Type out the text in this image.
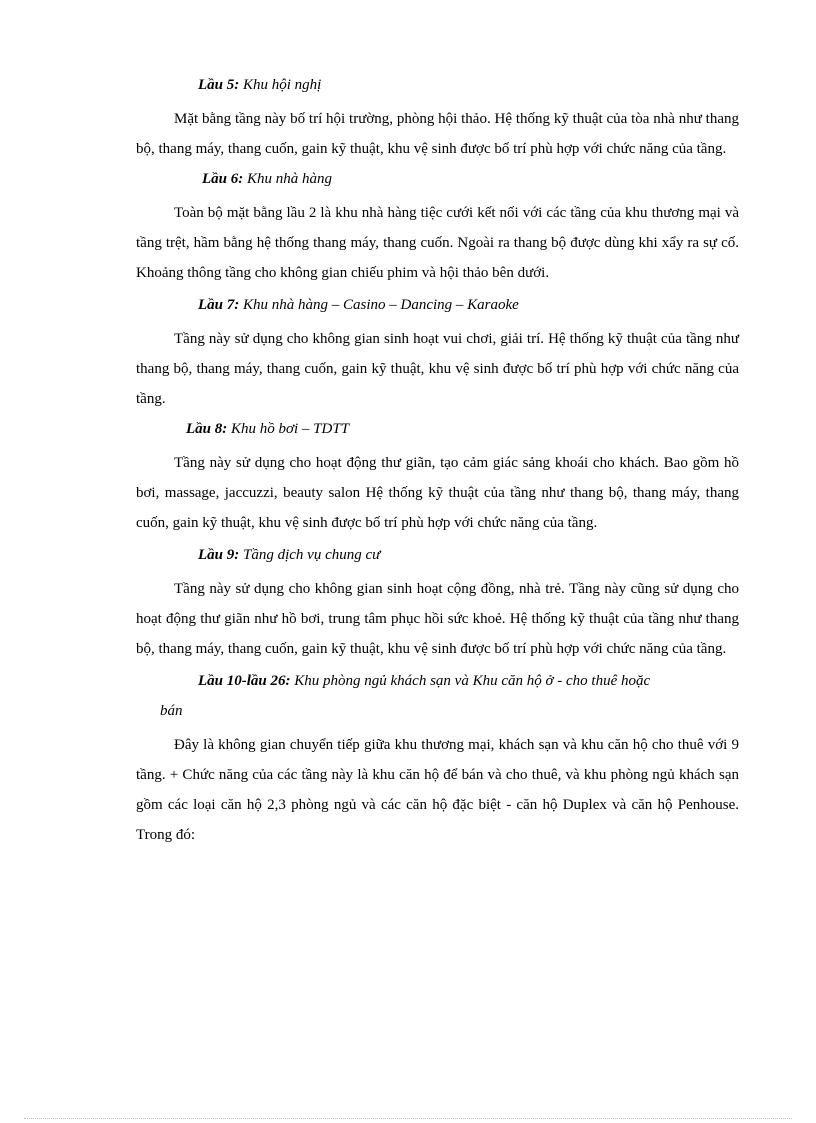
Lầu 5: Khu hội nghị

Mặt bằng tầng này bố trí hội trường, phòng hội thảo. Hệ thống kỹ thuật của tòa nhà như thang bộ, thang máy, thang cuốn, gain kỹ thuật, khu vệ sinh được bố trí phù hợp với chức năng của tầng.

Lầu 6: Khu nhà hàng

Toàn bộ mặt bằng lầu 2 là khu nhà hàng tiệc cưới kết nối với các tầng của khu thương mại và tầng trệt, hầm bằng hệ thống thang máy, thang cuốn. Ngoài ra thang bộ được dùng khi xẩy ra sự cố. Khoảng thông tầng cho không gian chiếu phim và hội thảo bên dưới.

Lầu 7: Khu nhà hàng – Casino – Dancing – Karaoke

Tầng này sử dụng cho không gian sinh hoạt vui chơi, giải trí. Hệ thống kỹ thuật của tầng như thang bộ, thang máy, thang cuốn, gain kỹ thuật, khu vệ sinh được bố trí phù hợp với chức năng của tầng.

Lầu 8: Khu hồ bơi – TDTT

Tầng này sử dụng cho hoạt động thư giãn, tạo cảm giác sảng khoái cho khách. Bao gồm hồ bơi, massage, jaccuzzi, beauty salon Hệ thống kỹ thuật của tầng như thang bộ, thang máy, thang cuốn, gain kỹ thuật, khu vệ sinh được bố trí phù hợp với chức năng của tầng.

Lầu 9: Tầng dịch vụ chung cư

Tầng này sử dụng cho không gian sinh hoạt cộng đồng, nhà trẻ. Tầng này cũng sử dụng cho hoạt động thư giãn như hồ bơi, trung tâm phục hồi sức khoẻ. Hệ thống kỹ thuật của tầng như thang bộ, thang máy, thang cuốn, gain kỹ thuật, khu vệ sinh được bố trí phù hợp với chức năng của tầng.

Lầu 10-lầu 26: Khu phòng ngủ khách sạn và Khu căn hộ ở - cho thuê hoặc
bán

Đây là không gian chuyển tiếp giữa khu thương mại, khách sạn và khu căn hộ cho thuê với 9 tầng. + Chức năng của các tầng này là khu căn hộ để bán và cho thuê, và khu phòng ngủ khách sạn gồm các loại căn hộ 2,3 phòng ngủ và các căn hộ đặc biệt - căn hộ Duplex và căn hộ Penhouse. Trong đó:
